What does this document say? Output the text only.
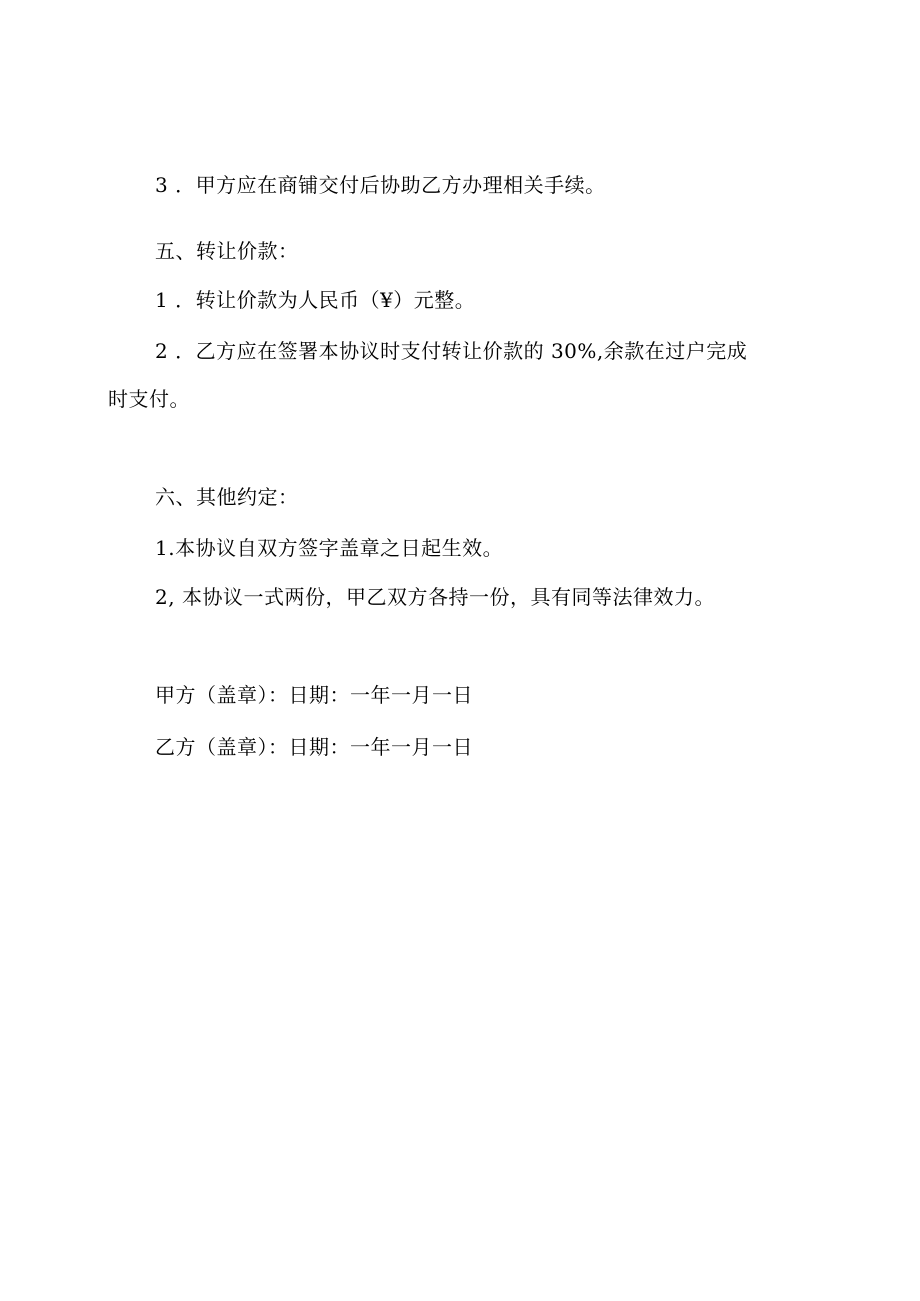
3 ．甲方应在商铺交付后协助乙方办理相关手续。
五、转让价款：
1 ．转让价款为人民币（¥）元整。
2 ．乙方应在签署本协议时支付转让价款的 30%,余款在过户完成
时支付。
六、其他约定：
1.本协议自双方签字盖章之日起生效。
2, 本协议一式两份，甲乙双方各持一份，具有同等法律效力。
甲方（盖章）：日期：一年一月一日
乙方（盖章）：日期：一年一月一日
